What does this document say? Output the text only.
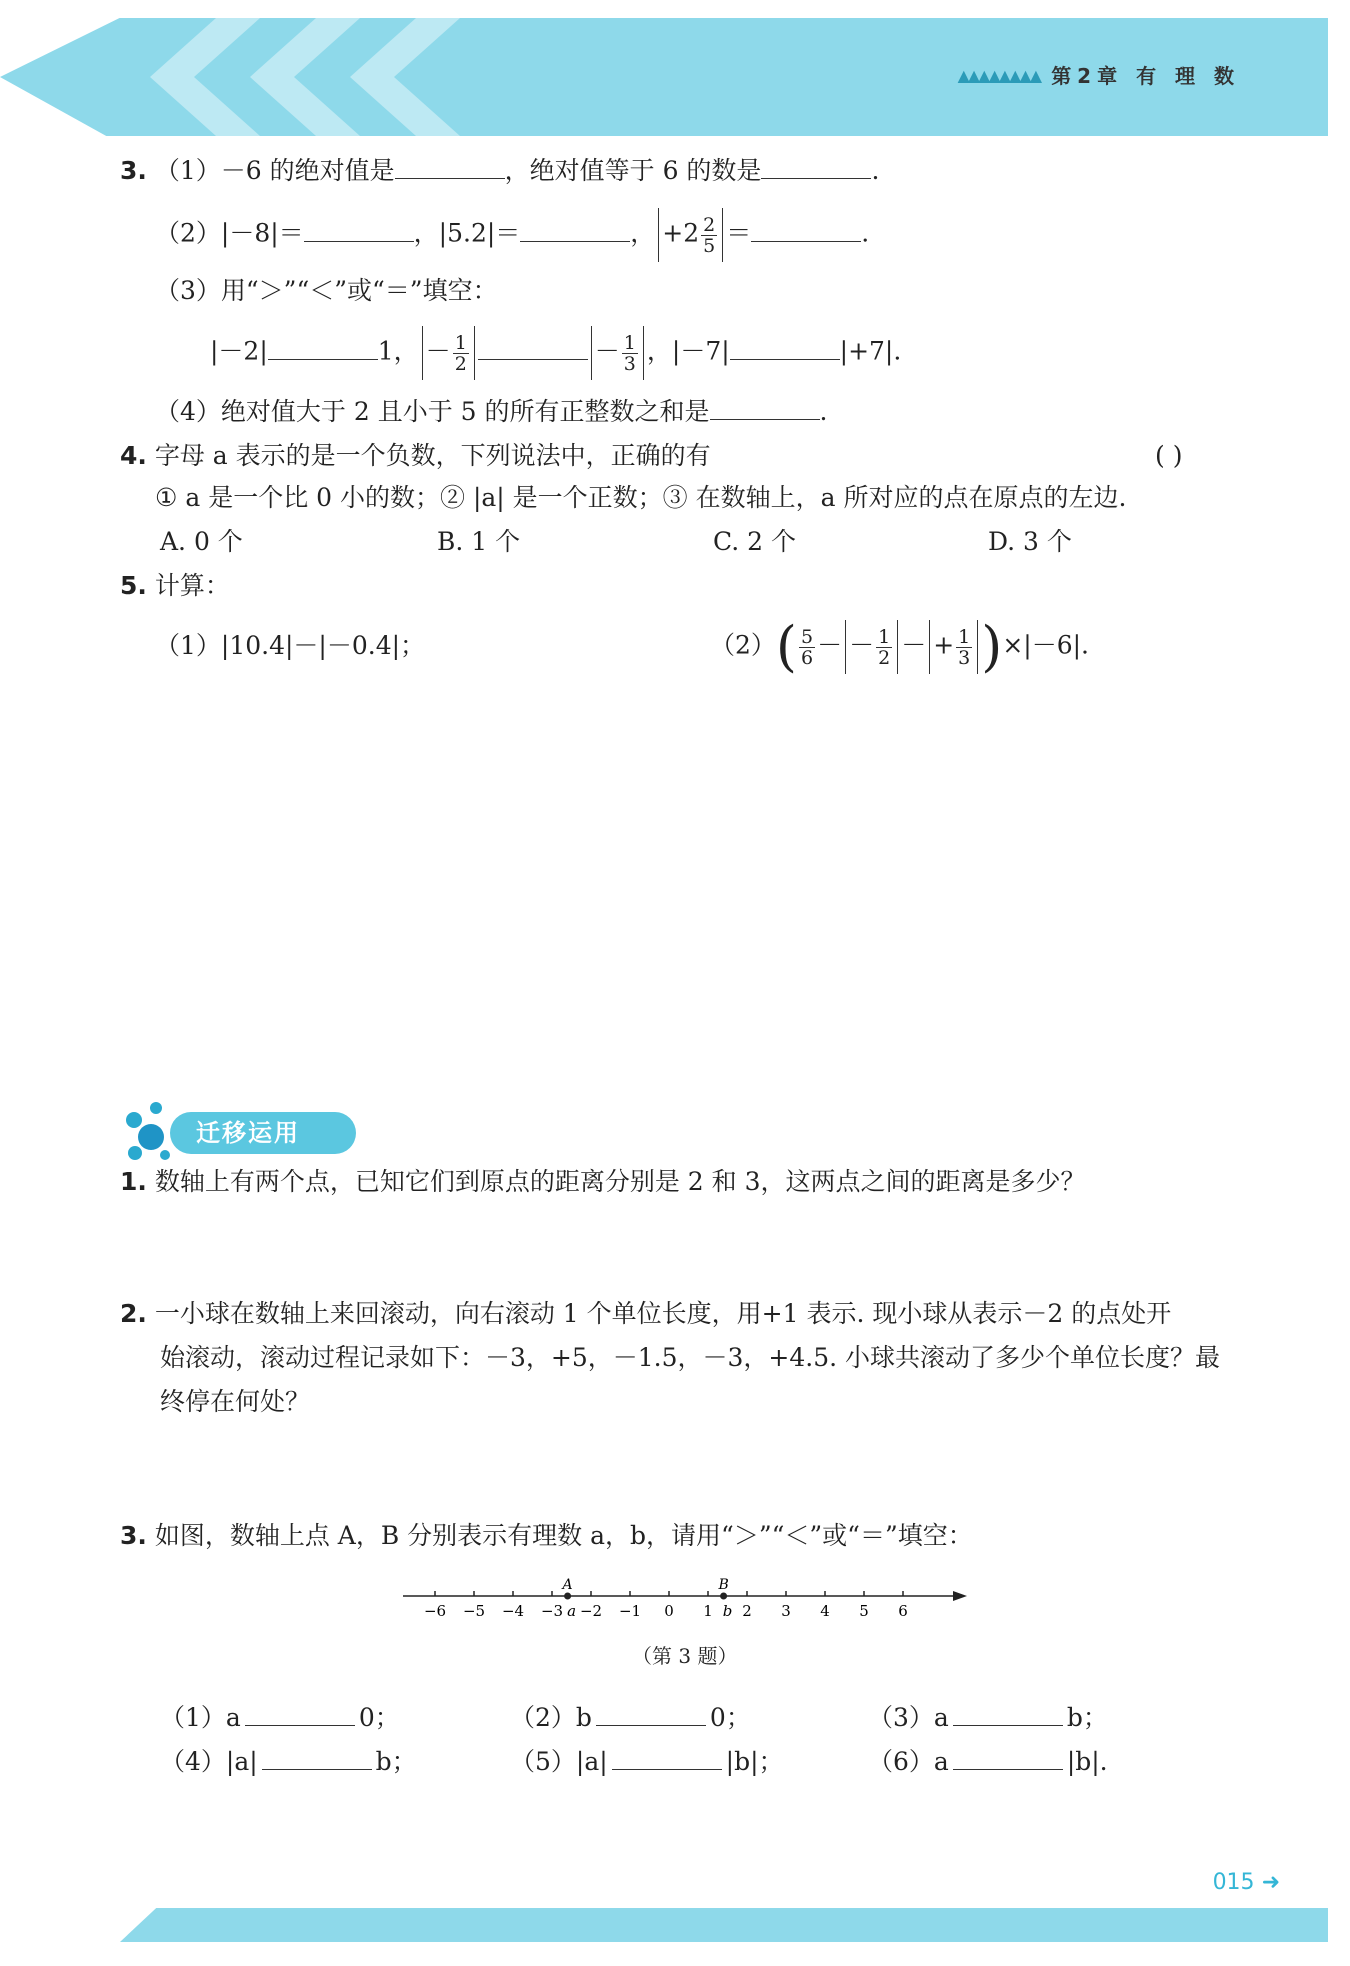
▲▲▲▲▲▲▲▲ 第2章 有 理 数
3. （1）－6 的绝对值是	，绝对值等于 6 的数是	.
（2）|－8|＝	，|5.2|＝	， $+2 \frac{2}{5}$ ＝	.
（3）用“＞”“＜”或“＝”填空：
|－2|	1， － $\frac{1}{2}$	－ $\frac{1}{3}$ ，|－7|	|+7|.
（4）绝对值大于 2 且小于 5 的所有正整数之和是	.
4. 字母 a 表示的是一个负数，下列说法中，正确的有	( )
① a 是一个比 0 小的数；② |a| 是一个正数；③ 在数轴上，a 所对应的点在原点的左边.
A. 0 个	B. 1 个	C. 2 个	D. 3 个
5. 计算：
（1）|10.4|－|－0.4|；	$(2)( \frac{5}{6}$ － － $\frac{1}{2}$ － + $\frac{1}{3} )\times|-6|$.
迁移运用
1. 数轴上有两个点，已知它们到原点的距离分别是 2 和 3，这两点之间的距离是多少？
2. 一小球在数轴上来回滚动，向右滚动 1 个单位长度，用+1 表示. 现小球从表示－2 的点处开
始滚动，滚动过程记录如下：－3，+5，－1.5，－3，+4.5. 小球共滚动了多少个单位长度？最
终停在何处？
3. 如图，数轴上点 A，B 分别表示有理数 a，b，请用“＞”“＜”或“＝”填空：
−6 −5 −4 −3 −2 −1 0 1 2 3 4 5 6
A
a
B
b
（第 3 题）
（1）a	0；	（2）b	0；	（3）a	b；
（4）|a|	b；	（5）|a|	|b|；	（6）a	|b|.
015 ➜
